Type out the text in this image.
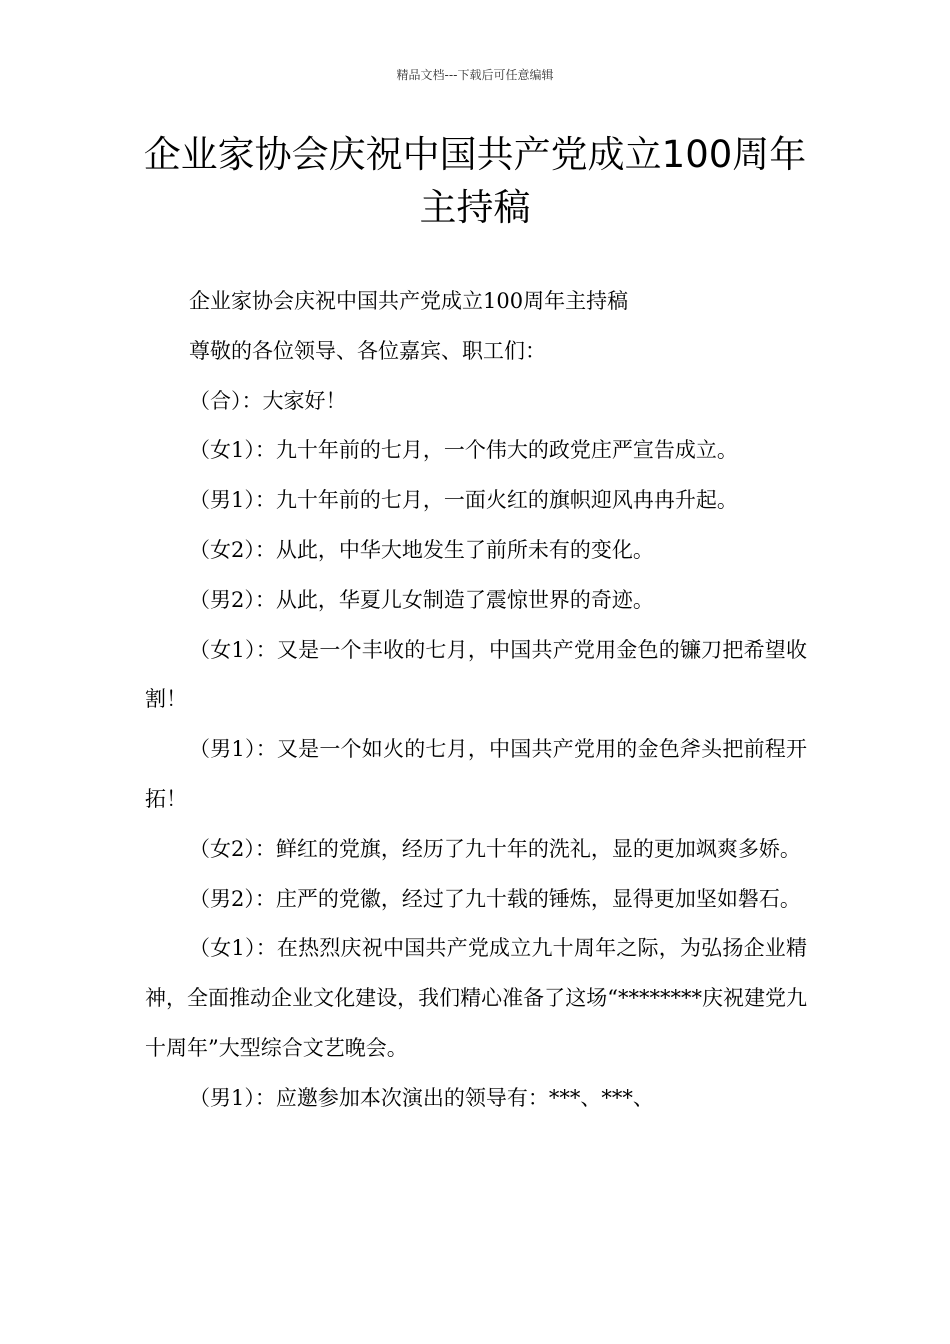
精品文档---下载后可任意编辑
企业家协会庆祝中国共产党成立100周年主持稿

企业家协会庆祝中国共产党成立100周年主持稿

尊敬的各位领导、各位嘉宾、职工们：

（合）：大家好！

（女1）：九十年前的七月，一个伟大的政党庄严宣告成立。

（男1）：九十年前的七月，一面火红的旗帜迎风冉冉升起。

（女2）：从此，中华大地发生了前所未有的变化。

（男2）：从此，华夏儿女制造了震惊世界的奇迹。

（女1）：又是一个丰收的七月，中国共产党用金色的镰刀把希望收割！

（男1）：又是一个如火的七月，中国共产党用的金色斧头把前程开拓！

（女2）：鲜红的党旗，经历了九十年的洗礼，显的更加飒爽多娇。

（男2）：庄严的党徽，经过了九十载的锤炼，显得更加坚如磐石。

（女1）：在热烈庆祝中国共产党成立九十周年之际，为弘扬企业精神，全面推动企业文化建设，我们精心准备了这场“********庆祝建党九十周年”大型综合文艺晚会。

（男1）：应邀参加本次演出的领导有：***、***、
